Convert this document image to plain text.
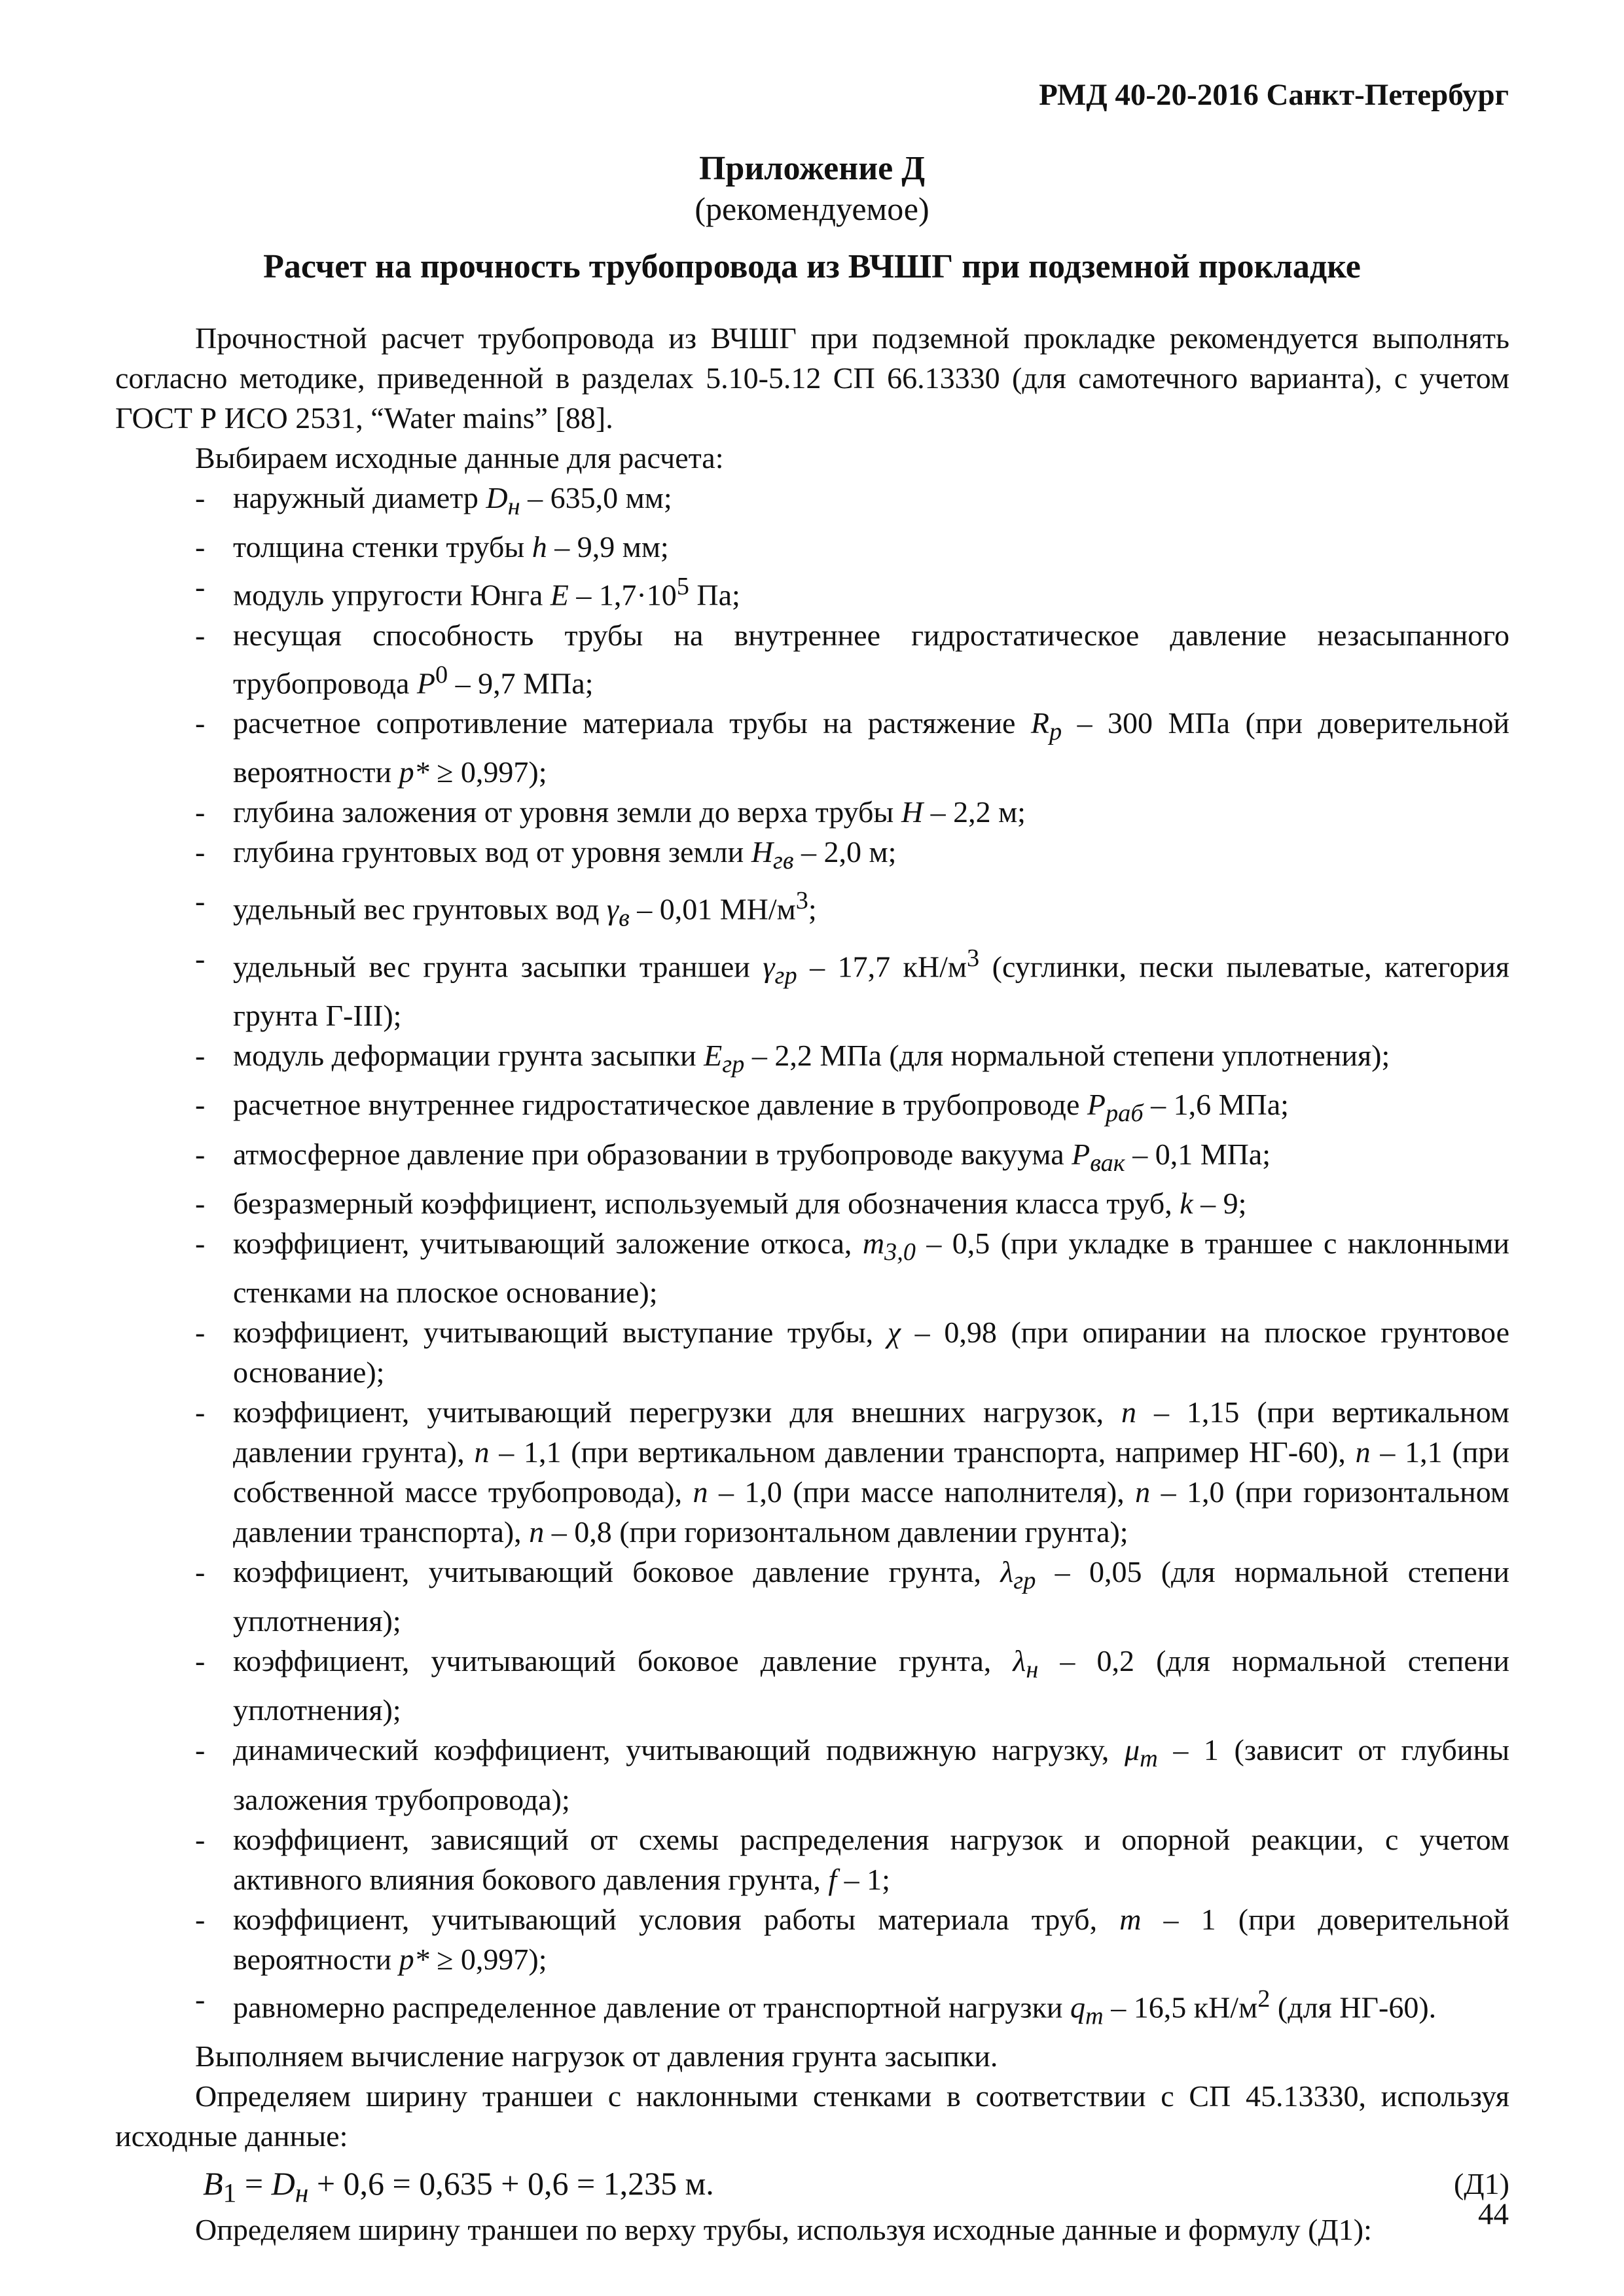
РМД 40-20-2016 Санкт-Петербург
Приложение Д
(рекомендуемое)
Расчет на прочность трубопровода из ВЧШГ при подземной прокладке

Прочностной расчет трубопровода из ВЧШГ при подземной прокладке рекомендуется выполнять согласно методике, приведенной в разделах 5.10-5.12 СП 66.13330 (для самотечного варианта), с учетом ГОСТ Р ИСО 2531, “Water mains” [88].

Выбираем исходные данные для расчета:

- наружный диаметр $D_н - 635,0$ мм;
- толщина стенки трубы h – 9,9 мм;
- модуль упругости Юнга $E - 1,7\cdot 10^5$ Па;
- несущая способность трубы на внутреннее гидростатическое давление незасыпанного трубопровода $P^0 - 9,7$ МПа;
- расчетное сопротивление материала трубы на растяжение $R_р - 300$ МПа (при доверительной вероятности p* ≥ 0,997);
- глубина заложения от уровня земли до верха трубы H – 2,2 м;
- глубина грунтовых вод от уровня земли $H_{гв} - 2,0$ м;
- удельный вес грунтовых вод $\gamma_в - 0,01$ $МН/м^3$;
- удельный вес грунта засыпки траншеи $\gamma_{гр} - 17,7$ $кН/м^3$ (суглинки, пески пылеватые, категория грунта Г-III);
- модуль деформации грунта засыпки $E_{гр} - 2,2$ МПа (для нормальной степени уплотнения);
- расчетное внутреннее гидростатическое давление в трубопроводе $P_{раб} - 1,6$ МПа;
- атмосферное давление при образовании в трубопроводе вакуума $P_{вак} - 0,1$ МПа;
- безразмерный коэффициент, используемый для обозначения класса труб, k – 9;
- коэффициент, учитывающий заложение откоса, $m_{3,0} - 0,5$ (при укладке в траншее с наклонными стенками на плоское основание);
- коэффициент, учитывающий выступание трубы, χ – 0,98 (при опирании на плоское грунтовое основание);
- коэффициент, учитывающий перегрузки для внешних нагрузок, n – 1,15 (при вертикальном давлении грунта), n – 1,1 (при вертикальном давлении транспорта, например НГ-60), n – 1,1 (при собственной массе трубопровода), n – 1,0 (при массе наполнителя), n – 1,0 (при горизонтальном давлении транспорта), n – 0,8 (при горизонтальном давлении грунта);
- коэффициент, учитывающий боковое давление грунта, $\lambda_{гр} - 0,05$ (для нормальной степени уплотнения);
- коэффициент, учитывающий боковое давление грунта, $\lambda_н - 0,2$ (для нормальной степени уплотнения);
- динамический коэффициент, учитывающий подвижную нагрузку, $\mu_т - 1$ (зависит от глубины заложения трубопровода);
- коэффициент, зависящий от схемы распределения нагрузок и опорной реакции, с учетом активного влияния бокового давления грунта, f – 1;
- коэффициент, учитывающий условия работы материала труб, m – 1 (при доверительной вероятности p* ≥ 0,997);
- равномерно распределенное давление от транспортной нагрузки $q_т - 16,5$ $кН/м^2$ (для НГ-60).

Выполняем вычисление нагрузок от давления грунта засыпки.

Определяем ширину траншеи с наклонными стенками в соответствии с СП 45.13330, используя исходные данные:

$B_1 = D_н + 0,6 = 0,635 + 0,6 = 1,235$ м.	(Д1)

Определяем ширину траншеи по верху трубы, используя исходные данные и формулу (Д1):	44
